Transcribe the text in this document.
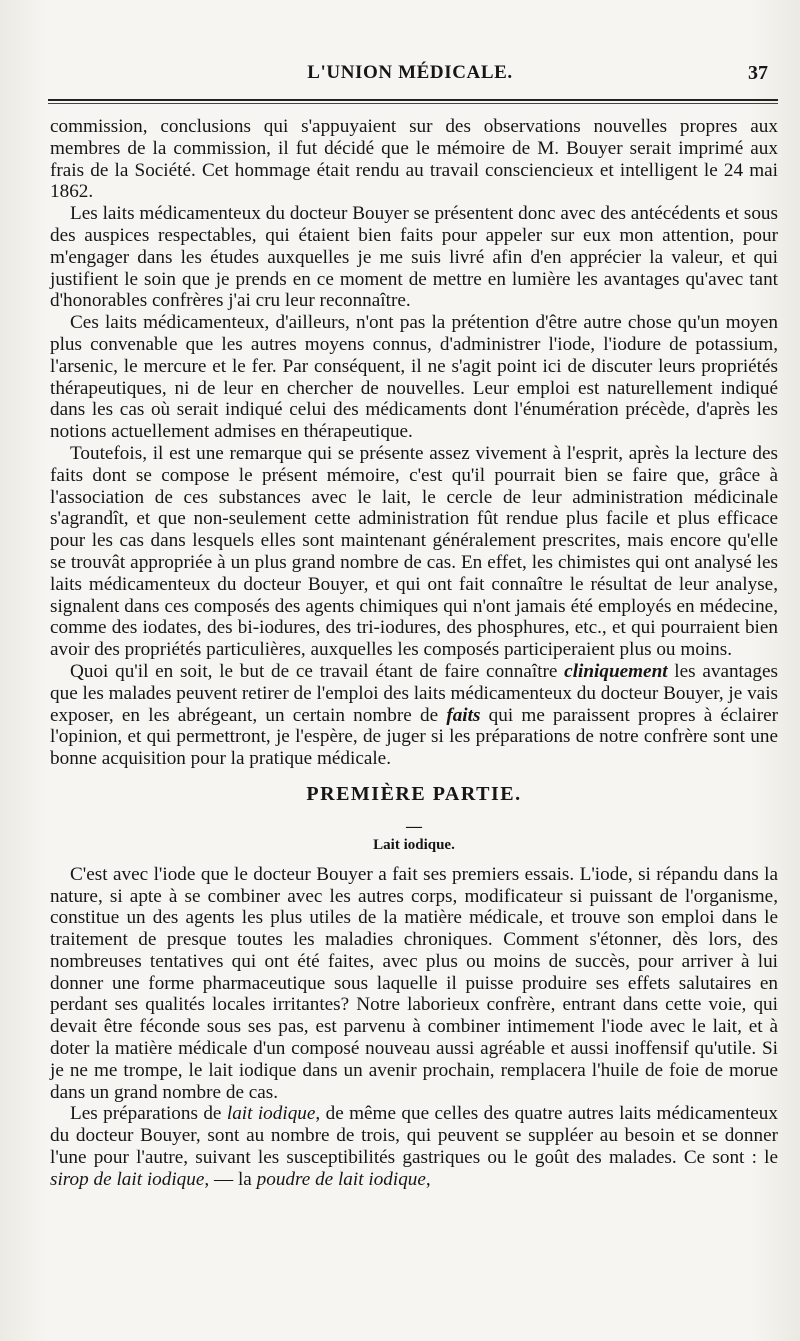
L'UNION MÉDICALE.	37

commission, conclusions qui s'appuyaient sur des observations nouvelles propres aux membres de la commission, il fut décidé que le mémoire de M. Bouyer serait imprimé aux frais de la Société. Cet hommage était rendu au travail consciencieux et intelligent le 24 mai 1862.

Les laits médicamenteux du docteur Bouyer se présentent donc avec des antécédents et sous des auspices respectables, qui étaient bien faits pour appeler sur eux mon attention, pour m'engager dans les études auxquelles je me suis livré afin d'en apprécier la valeur, et qui justifient le soin que je prends en ce moment de mettre en lumière les avantages qu'avec tant d'honorables confrères j'ai cru leur reconnaître.

Ces laits médicamenteux, d'ailleurs, n'ont pas la prétention d'être autre chose qu'un moyen plus convenable que les autres moyens connus, d'administrer l'iode, l'iodure de potassium, l'arsenic, le mercure et le fer. Par conséquent, il ne s'agit point ici de discuter leurs propriétés thérapeutiques, ni de leur en chercher de nouvelles. Leur emploi est naturellement indiqué dans les cas où serait indiqué celui des médicaments dont l'énumération précède, d'après les notions actuellement admises en thérapeutique.

Toutefois, il est une remarque qui se présente assez vivement à l'esprit, après la lecture des faits dont se compose le présent mémoire, c'est qu'il pourrait bien se faire que, grâce à l'association de ces substances avec le lait, le cercle de leur administration médicinale s'agrandît, et que non-seulement cette administration fût rendue plus facile et plus efficace pour les cas dans lesquels elles sont maintenant généralement prescrites, mais encore qu'elle se trouvât appropriée à un plus grand nombre de cas. En effet, les chimistes qui ont analysé les laits médicamenteux du docteur Bouyer, et qui ont fait connaître le résultat de leur analyse, signalent dans ces composés des agents chimiques qui n'ont jamais été employés en médecine, comme des iodates, des bi-iodures, des tri-iodures, des phosphures, etc., et qui pourraient bien avoir des propriétés particulières, auxquelles les composés participeraient plus ou moins.

Quoi qu'il en soit, le but de ce travail étant de faire connaître cliniquement les avantages que les malades peuvent retirer de l'emploi des laits médicamenteux du docteur Bouyer, je vais exposer, en les abrégeant, un certain nombre de faits qui me paraissent propres à éclairer l'opinion, et qui permettront, je l'espère, de juger si les préparations de notre confrère sont une bonne acquisition pour la pratique médicale.

PREMIÈRE PARTIE.
—
Lait iodique.

C'est avec l'iode que le docteur Bouyer a fait ses premiers essais. L'iode, si répandu dans la nature, si apte à se combiner avec les autres corps, modificateur si puissant de l'organisme, constitue un des agents les plus utiles de la matière médicale, et trouve son emploi dans le traitement de presque toutes les maladies chroniques. Comment s'étonner, dès lors, des nombreuses tentatives qui ont été faites, avec plus ou moins de succès, pour arriver à lui donner une forme pharmaceutique sous laquelle il puisse produire ses effets salutaires en perdant ses qualités locales irritantes? Notre laborieux confrère, entrant dans cette voie, qui devait être féconde sous ses pas, est parvenu à combiner intimement l'iode avec le lait, et à doter la matière médicale d'un composé nouveau aussi agréable et aussi inoffensif qu'utile. Si je ne me trompe, le lait iodique dans un avenir prochain, remplacera l'huile de foie de morue dans un grand nombre de cas.

Les préparations de lait iodique, de même que celles des quatre autres laits médicamenteux du docteur Bouyer, sont au nombre de trois, qui peuvent se suppléer au besoin et se donner l'une pour l'autre, suivant les susceptibilités gastriques ou le goût des malades. Ce sont : le sirop de lait iodique, — la poudre de lait iodique,
